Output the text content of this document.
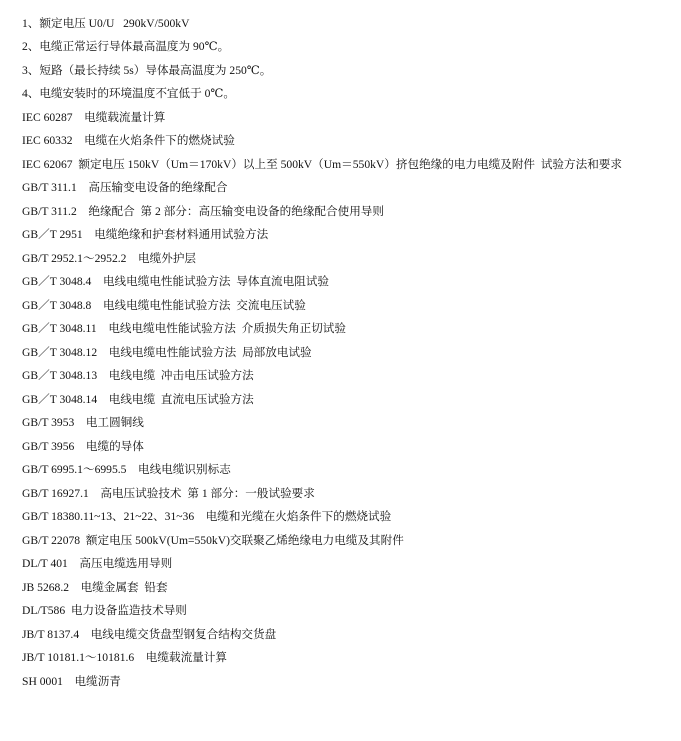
1、额定电压 U0/U   290kV/500kV
2、电缆正常运行导体最高温度为 90℃。
3、短路（最长持续 5s）导体最高温度为 250℃。
4、电缆安装时的环境温度不宜低于 0℃。
IEC 60287    电缆载流量计算
IEC 60332    电缆在火焰条件下的燃烧试验
IEC 62067  额定电压 150kV（Um＝170kV）以上至 500kV（Um＝550kV）挤包绝缘的电力电缆及附件  试验方法和要求
GB/T 311.1    高压输变电设备的绝缘配合
GB/T 311.2    绝缘配合  第 2 部分：高压输变电设备的绝缘配合使用导则
GB／T 2951    电缆绝缘和护套材料通用试验方法
GB/T 2952.1～2952.2    电缆外护层
GB／T 3048.4    电线电缆电性能试验方法  导体直流电阻试验
GB／T 3048.8    电线电缆电性能试验方法  交流电压试验
GB／T 3048.11    电线电缆电性能试验方法  介质损失角正切试验
GB／T 3048.12    电线电缆电性能试验方法  局部放电试验
GB／T 3048.13    电线电缆  冲击电压试验方法
GB／T 3048.14    电线电缆  直流电压试验方法
GB/T 3953    电工圆铜线
GB/T 3956    电缆的导体
GB/T 6995.1～6995.5    电线电缆识别标志
GB/T 16927.1    高电压试验技术  第 1 部分：一般试验要求
GB/T 18380.11~13、21~22、31~36    电缆和光缆在火焰条件下的燃烧试验
GB/T 22078  额定电压 500kV(Um=550kV)交联聚乙烯绝缘电力电缆及其附件
DL/T 401    高压电缆选用导则
JB 5268.2    电缆金属套  铅套
DL/T586  电力设备监造技术导则
JB/T 8137.4    电线电缆交货盘型钢复合结构交货盘
JB/T 10181.1～10181.6    电缆载流量计算
SH 0001    电缆沥青
